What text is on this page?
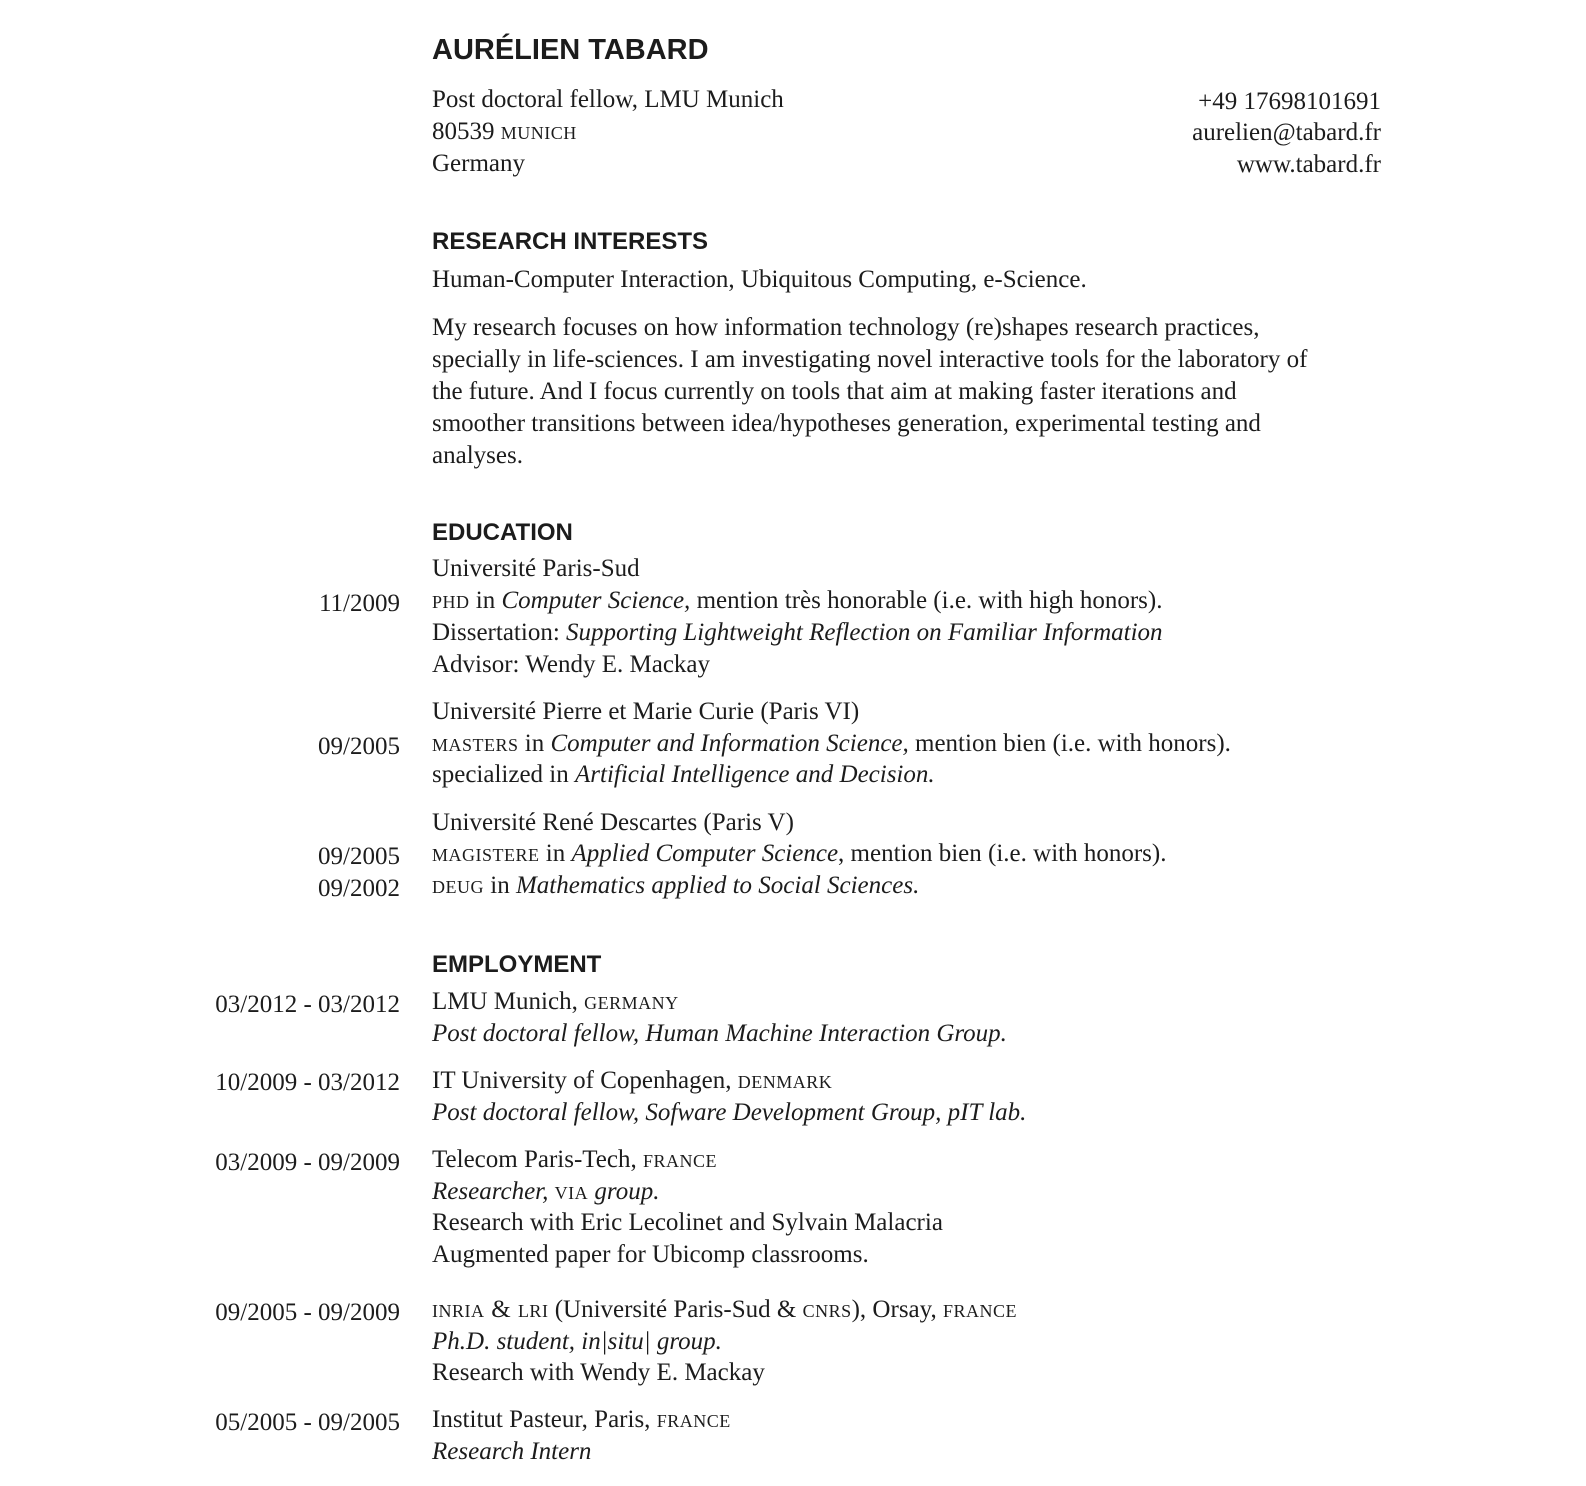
AURÉLIEN TABARD
Post doctoral fellow, LMU Munich
80539 munich
Germany
+49 17698101691
aurelien@tabard.fr
www.tabard.fr
RESEARCH INTERESTS
Human-Computer Interaction, Ubiquitous Computing, e-Science.
My research focuses on how information technology (re)shapes research practices, specially in life-sciences. I am investigating novel interactive tools for the laboratory of the future. And I focus currently on tools that aim at making faster iterations and smoother transitions between idea/hypotheses generation, experimental testing and analyses.
EDUCATION
Université Paris-Sud
11/2009 phd in Computer Science, mention très honorable (i.e. with high honors).
Dissertation: Supporting Lightweight Reflection on Familiar Information
Advisor: Wendy E. Mackay
Université Pierre et Marie Curie (Paris VI)
09/2005 masters in Computer and Information Science, mention bien (i.e. with honors).
specialized in Artificial Intelligence and Decision.
Université René Descartes (Paris V)
09/2005 magistere in Applied Computer Science, mention bien (i.e. with honors).
09/2002 deug in Mathematics applied to Social Sciences.
EMPLOYMENT
03/2012 - 03/2012 LMU Munich, germany
Post doctoral fellow, Human Machine Interaction Group.
10/2009 - 03/2012 IT University of Copenhagen, denmark
Post doctoral fellow, Sofware Development Group, pIT lab.
03/2009 - 09/2009 Telecom Paris-Tech, france
Researcher, via group.
Research with Eric Lecolinet and Sylvain Malacria
Augmented paper for Ubicomp classrooms.
09/2005 - 09/2009 inria & lri (Université Paris-Sud & cnrs), Orsay, france
Ph.D. student, in|situ| group.
Research with Wendy E. Mackay
05/2005 - 09/2005 Institut Pasteur, Paris, france
Research Intern
